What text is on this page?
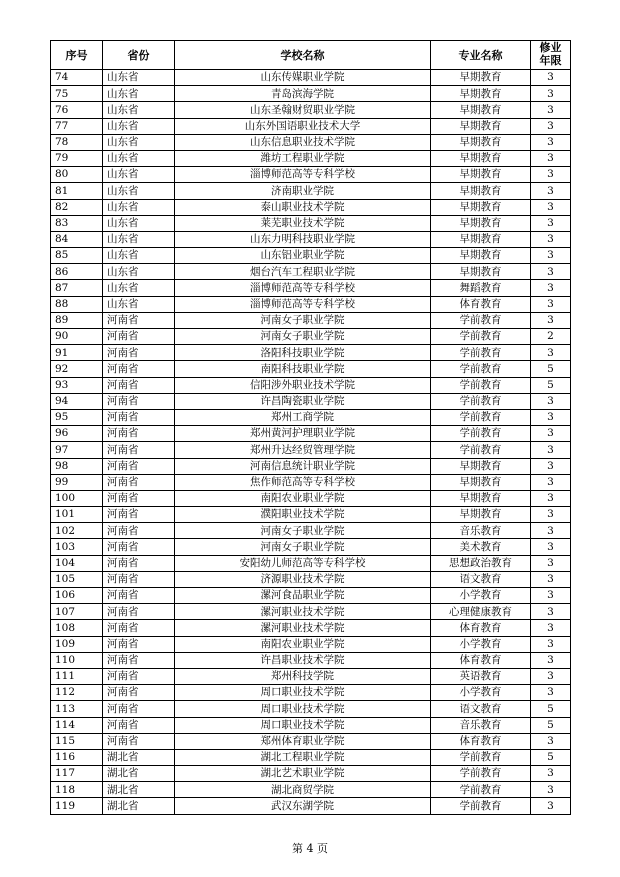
序号	省份	学校名称	专业名称	修业
年限
74	山东省	山东传媒职业学院	早期教育	3
75	山东省	青岛滨海学院	早期教育	3
76	山东省	山东圣翰财贸职业学院	早期教育	3
77	山东省	山东外国语职业技术大学	早期教育	3
78	山东省	山东信息职业技术学院	早期教育	3
79	山东省	潍坊工程职业学院	早期教育	3
80	山东省	淄博师范高等专科学校	早期教育	3
81	山东省	济南职业学院	早期教育	3
82	山东省	泰山职业技术学院	早期教育	3
83	山东省	莱芜职业技术学院	早期教育	3
84	山东省	山东力明科技职业学院	早期教育	3
85	山东省	山东铝业职业学院	早期教育	3
86	山东省	烟台汽车工程职业学院	早期教育	3
87	山东省	淄博师范高等专科学校	舞蹈教育	3
88	山东省	淄博师范高等专科学校	体育教育	3
89	河南省	河南女子职业学院	学前教育	3
90	河南省	河南女子职业学院	学前教育	2
91	河南省	洛阳科技职业学院	学前教育	3
92	河南省	南阳科技职业学院	学前教育	5
93	河南省	信阳涉外职业技术学院	学前教育	5
94	河南省	许昌陶瓷职业学院	学前教育	3
95	河南省	郑州工商学院	学前教育	3
96	河南省	郑州黄河护理职业学院	学前教育	3
97	河南省	郑州升达经贸管理学院	学前教育	3
98	河南省	河南信息统计职业学院	早期教育	3
99	河南省	焦作师范高等专科学校	早期教育	3
100	河南省	南阳农业职业学院	早期教育	3
101	河南省	濮阳职业技术学院	早期教育	3
102	河南省	河南女子职业学院	音乐教育	3
103	河南省	河南女子职业学院	美术教育	3
104	河南省	安阳幼儿师范高等专科学校	思想政治教育	3
105	河南省	济源职业技术学院	语文教育	3
106	河南省	漯河食品职业学院	小学教育	3
107	河南省	漯河职业技术学院	心理健康教育	3
108	河南省	漯河职业技术学院	体育教育	3
109	河南省	南阳农业职业学院	小学教育	3
110	河南省	许昌职业技术学院	体育教育	3
111	河南省	郑州科技学院	英语教育	3
112	河南省	周口职业技术学院	小学教育	3
113	河南省	周口职业技术学院	语文教育	5
114	河南省	周口职业技术学院	音乐教育	5
115	河南省	郑州体育职业学院	体育教育	3
116	湖北省	湖北工程职业学院	学前教育	5
117	湖北省	湖北艺术职业学院	学前教育	3
118	湖北省	湖北商贸学院	学前教育	3
119	湖北省	武汉东湖学院	学前教育	3
第 4 页
